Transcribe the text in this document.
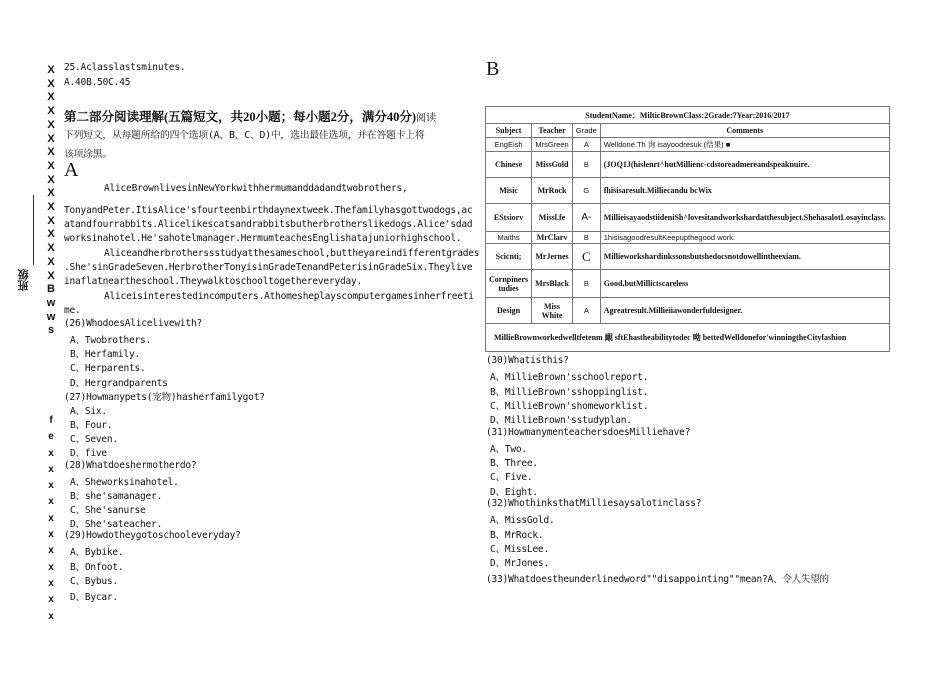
X
X
X
X
X
X
X
X
X
X
X
X
X
X
X
X
B
w
w
s
f
e
x
x
x
x
x
x
x
x
x
x
x
班级
25.Aclasslastsminutes.
A.40B.50C.45
第二部分阅读理解(五篇短文，共20小题；每小题2分，满分40分)阅读
下列短文，从每题所给的四个选项(A、B、C、D)中，选出最佳选项，并在答题卡上将
该项涂黑。
A
AliceBrownlivesinNewYorkwithhermumanddadandtwobrothers,
TonyandPeter.ItisAlice'sfourteenbirthdaynextweek.Thefamilyhasgottwodogs,ac
atandfourrabbits.Alicelikescatsandrabbitsbutherbrotherslikedogs.Alice'sdad
worksinahotel.He'sahotelmanager.HermumteachesEnglishatajuniorhighschool.
Aliceandherbrotherssstudyatthesameschool,buttheyareindifferentgrades
.She'sinGradeSeven.HerbrotherTonyisinGradeTenandPeterisinGradeSix.Theylive
inaflatneartheschool.Theywalktoschooltogethereveryday.
Aliceisinterestedincomputers.Athomesheplayscomputergamesinherfreeti
me.
(26)WhodoesAlicelivewith?
A、Twobrothers.
B、Herfamily.
C、Herparents.
D、Hergrandparents
(27)Howmanypets(宠物)hasherfamilygot?
A、Six.
B、Four.
C、Seven.
D、five
(28)Whatdoeshermotherdo?
A、Sheworksinahotel.
B、she'samanager.
C、She'sanurse
D、She'sateacher.
(29)Howdotheygotoschooleveryday?
A、Bybike.
B、Onfoot.
C、Bybus.
D、Bycar.
B
StudentName：MilticBrownClass:2Grade:7Year:2016/2017			
Subject	Teacher	Grade	Comments
EngEish	MrsGreen	A	Welldone.Th 询 isayoodresuk (结果) ■
Chinese	MissGold	B	(JOQ1J(hislenrt^hutMillienc-cdstoreadmereandspeaknuire.
Misic	MrRock	G	fhisisaresult.Milliecandu bcWix
EStsiorv	Missl.fe	A-	MillieisayaodstiideniSh^lovesitandworkshardatthesubject.ShehasalotLosayinclass.
Maiths	MrClarv	B	1hisisagoodresultKeepupthegood work.
Scicnti;	MrJernes	C	Millieworkshardinkssonsbutshedocsnotdowellintheexiam.
Cornpiners tudies	MrsBlack	B	Good,butMillictscareless
Design	Miss White	A	Agreatresult.Millieiiawonderfuldesigner.
MillieBrownworkedwelltfetenm 靦 sftEhastheabilitytodec 呦 bettedWelldonefor'winningtheCityfashion			
(30)Whatisthis?
A、MillieBrown'sschoolreport.
B、MillieBrown'sshoppinglist.
C、MillieBrown'shomeworklist.
D、MillieBrown'sstudyplan.
(31)HowmanymenteachersdoesMilliehave?
A、Two.
B、Three.
C、Five.
D、Eight.
(32)WhothinksthatMilliesaysalotinclass?
A、MissGold.
B、MrRock.
C、MissLee.
D、MrJones.
(33)Whatdoestheunderlinedword""disappointing""mean?A、令人失望的
